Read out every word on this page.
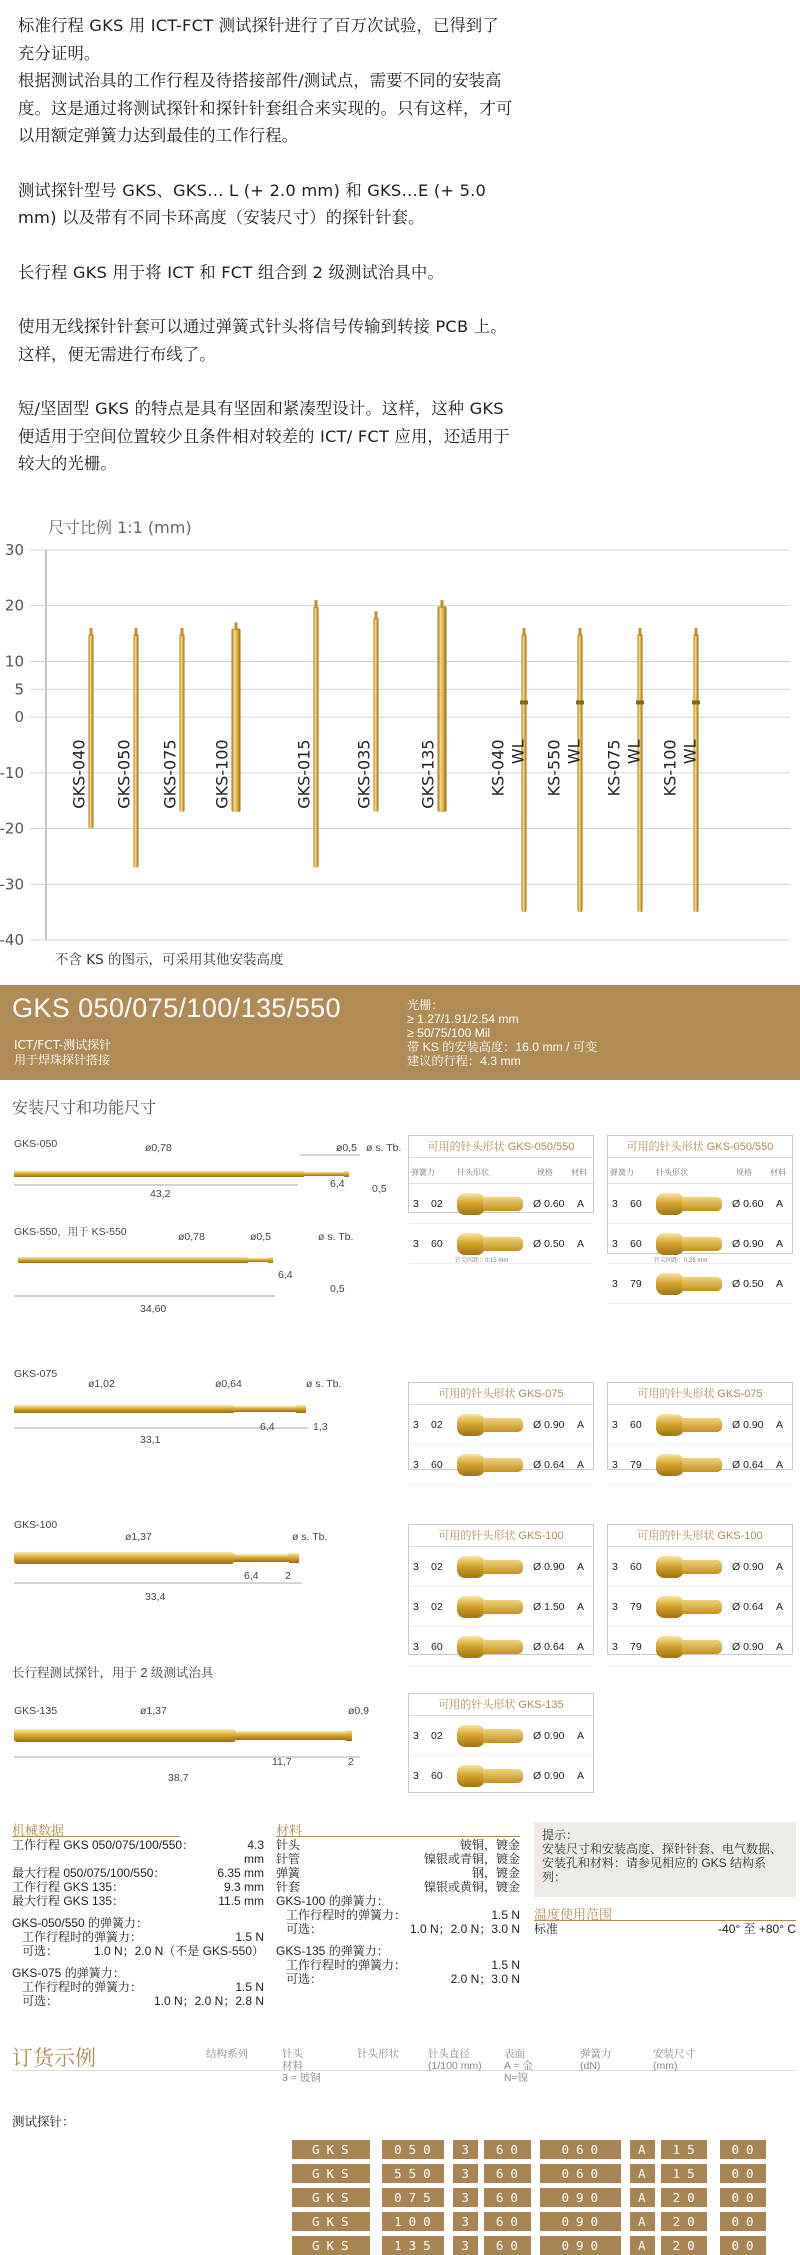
标准行程 GKS 用 ICT-FCT 测试探针进行了百万次试验，已得到了充分证明。

根据测试治具的工作行程及待搭接部件/测试点，需要不同的安装高度。这是通过将测试探针和探针针套组合来实现的。只有这样，才可以用额定弹簧力达到最佳的工作行程。

测试探针型号 GKS、GKS… L (+ 2.0 mm) 和 GKS…E (+ 5.0 mm) 以及带有不同卡环高度（安装尺寸）的探针针套。

长行程 GKS 用于将 ICT 和 FCT 组合到 2 级测试治具中。

使用无线探针针套可以通过弹簧式针头将信号传输到转接 PCB 上。这样，便无需进行布线了。

短/坚固型 GKS 的特点是具有坚固和紧凑型设计。这样，这种 GKS 便适用于空间位置较少且条件相对较差的 ICT/ FCT 应用，还适用于较大的光栅。

尺寸比例 1:1 (mm)
30
20
10
5
0
-10
-20
-30
-40
GKS-040 GKS-050 GKS-075 GKS-100	GKS-015	GKS-035	GKS-135	KS-040 WL KS-550 WL KS-075 WL KS-100 WL
不含 KS 的图示，可采用其他安装高度
GKS 050/075/100/135/550
ICT/FCT-测试探针
用于焊珠探针搭接
光栅：
≥ 1.27/1.91/2.54 mm
≥ 50/75/100 Mil
带 KS 的安装高度：16.0 mm / 可变
建议的行程：4.3 mm
安装尺寸和功能尺寸
GKS-050	ø0,78	ø0,5 ø s. Tb.
43,2
6,4	0,5
GKS-550，用于 KS-550	ø0,78	ø0,5	ø s. Tb.
34,60
6,4
0,5
GKS-075
ø1,02	ø0,64	ø s. Tb.
33,1
6,4	1,3
GKS-100
ø1,37	ø s. Tb.
33,4
6,4	2
GKS-135	ø1,37	ø0,9
38,7
11,7	2
长行程测试探针，用于 2 级测试治具
可用的针头形状 GKS-050/550
弹簧力	针头形状	规格 材料
3 02	Ø 0.60 A
3 60	Ø 0.50 A
针尖间距：0.15 mm
可用的针头形状 GKS-050/550
弹簧力	针头形状	规格 材料
3 60	Ø 0.60 A
3 60	Ø 0.90 A
针尖间距：0.25 mm
3 79	Ø 0.50 A
可用的针头形状 GKS-075
3 02	Ø 0.90 A
3 60	Ø 0.64 A
可用的针头形状 GKS-075
3 60	Ø 0.90 A
3 79	Ø 0.64 A
可用的针头形状 GKS-100
3 02	Ø 0.90 A
3 02	Ø 1.50 A
3 60	Ø 0.64 A
可用的针头形状 GKS-100
3 60	Ø 0.90 A
3 79	Ø 0.64 A
3 79	Ø 0.90 A
可用的针头形状 GKS-135
3 02	Ø 0.90 A
3 60	Ø 0.90 A
机械数据
工作行程 GKS 050/075/100/550：	4.3
mm
最大行程 050/075/100/550：	6.35 mm
工作行程 GKS 135：	9.3 mm
最大行程 GKS 135：	11.5 mm
GKS-050/550 的弹簧力：
工作行程时的弹簧力：	1.5 N
可选：	1.0 N；2.0 N（不是 GKS-550）
GKS-075 的弹簧力：
工作行程时的弹簧力：	1.5 N
可选：	1.0 N；2.0 N；2.8 N
材料
针头	铍铜，镀金
针管	镍银或青铜，镀金
弹簧	钢，镀金
针套	镍银或黄铜，镀金
GKS-100 的弹簧力：
工作行程时的弹簧力：	1.5 N
可选：	1.0 N；2.0 N；3.0 N
GKS-135 的弹簧力：
工作行程时的弹簧力：	1.5 N
可选：	2.0 N；3.0 N
提示：
安装尺寸和安装高度、探针针套、电气数据、安装孔和材料：请参见相应的 GKS 结构系列：
温度使用范围
标准	-40° 至 +80° C
订货示例	结构系列	针头
材料
3 = 铍铜
针头形状	针头直径
(1/100 mm)
表面
A = 金
N=镍
弹簧力
(dN)
安装尺寸
(mm)
测试探针：
GKS	050	3	60	060	A	15	00
GKS	550	3	60	060	A	15	00
GKS	075	3	60	090	A	20	00
GKS	100	3	60	090	A	20	00
GKS	135	3	60	090	A	20	00
